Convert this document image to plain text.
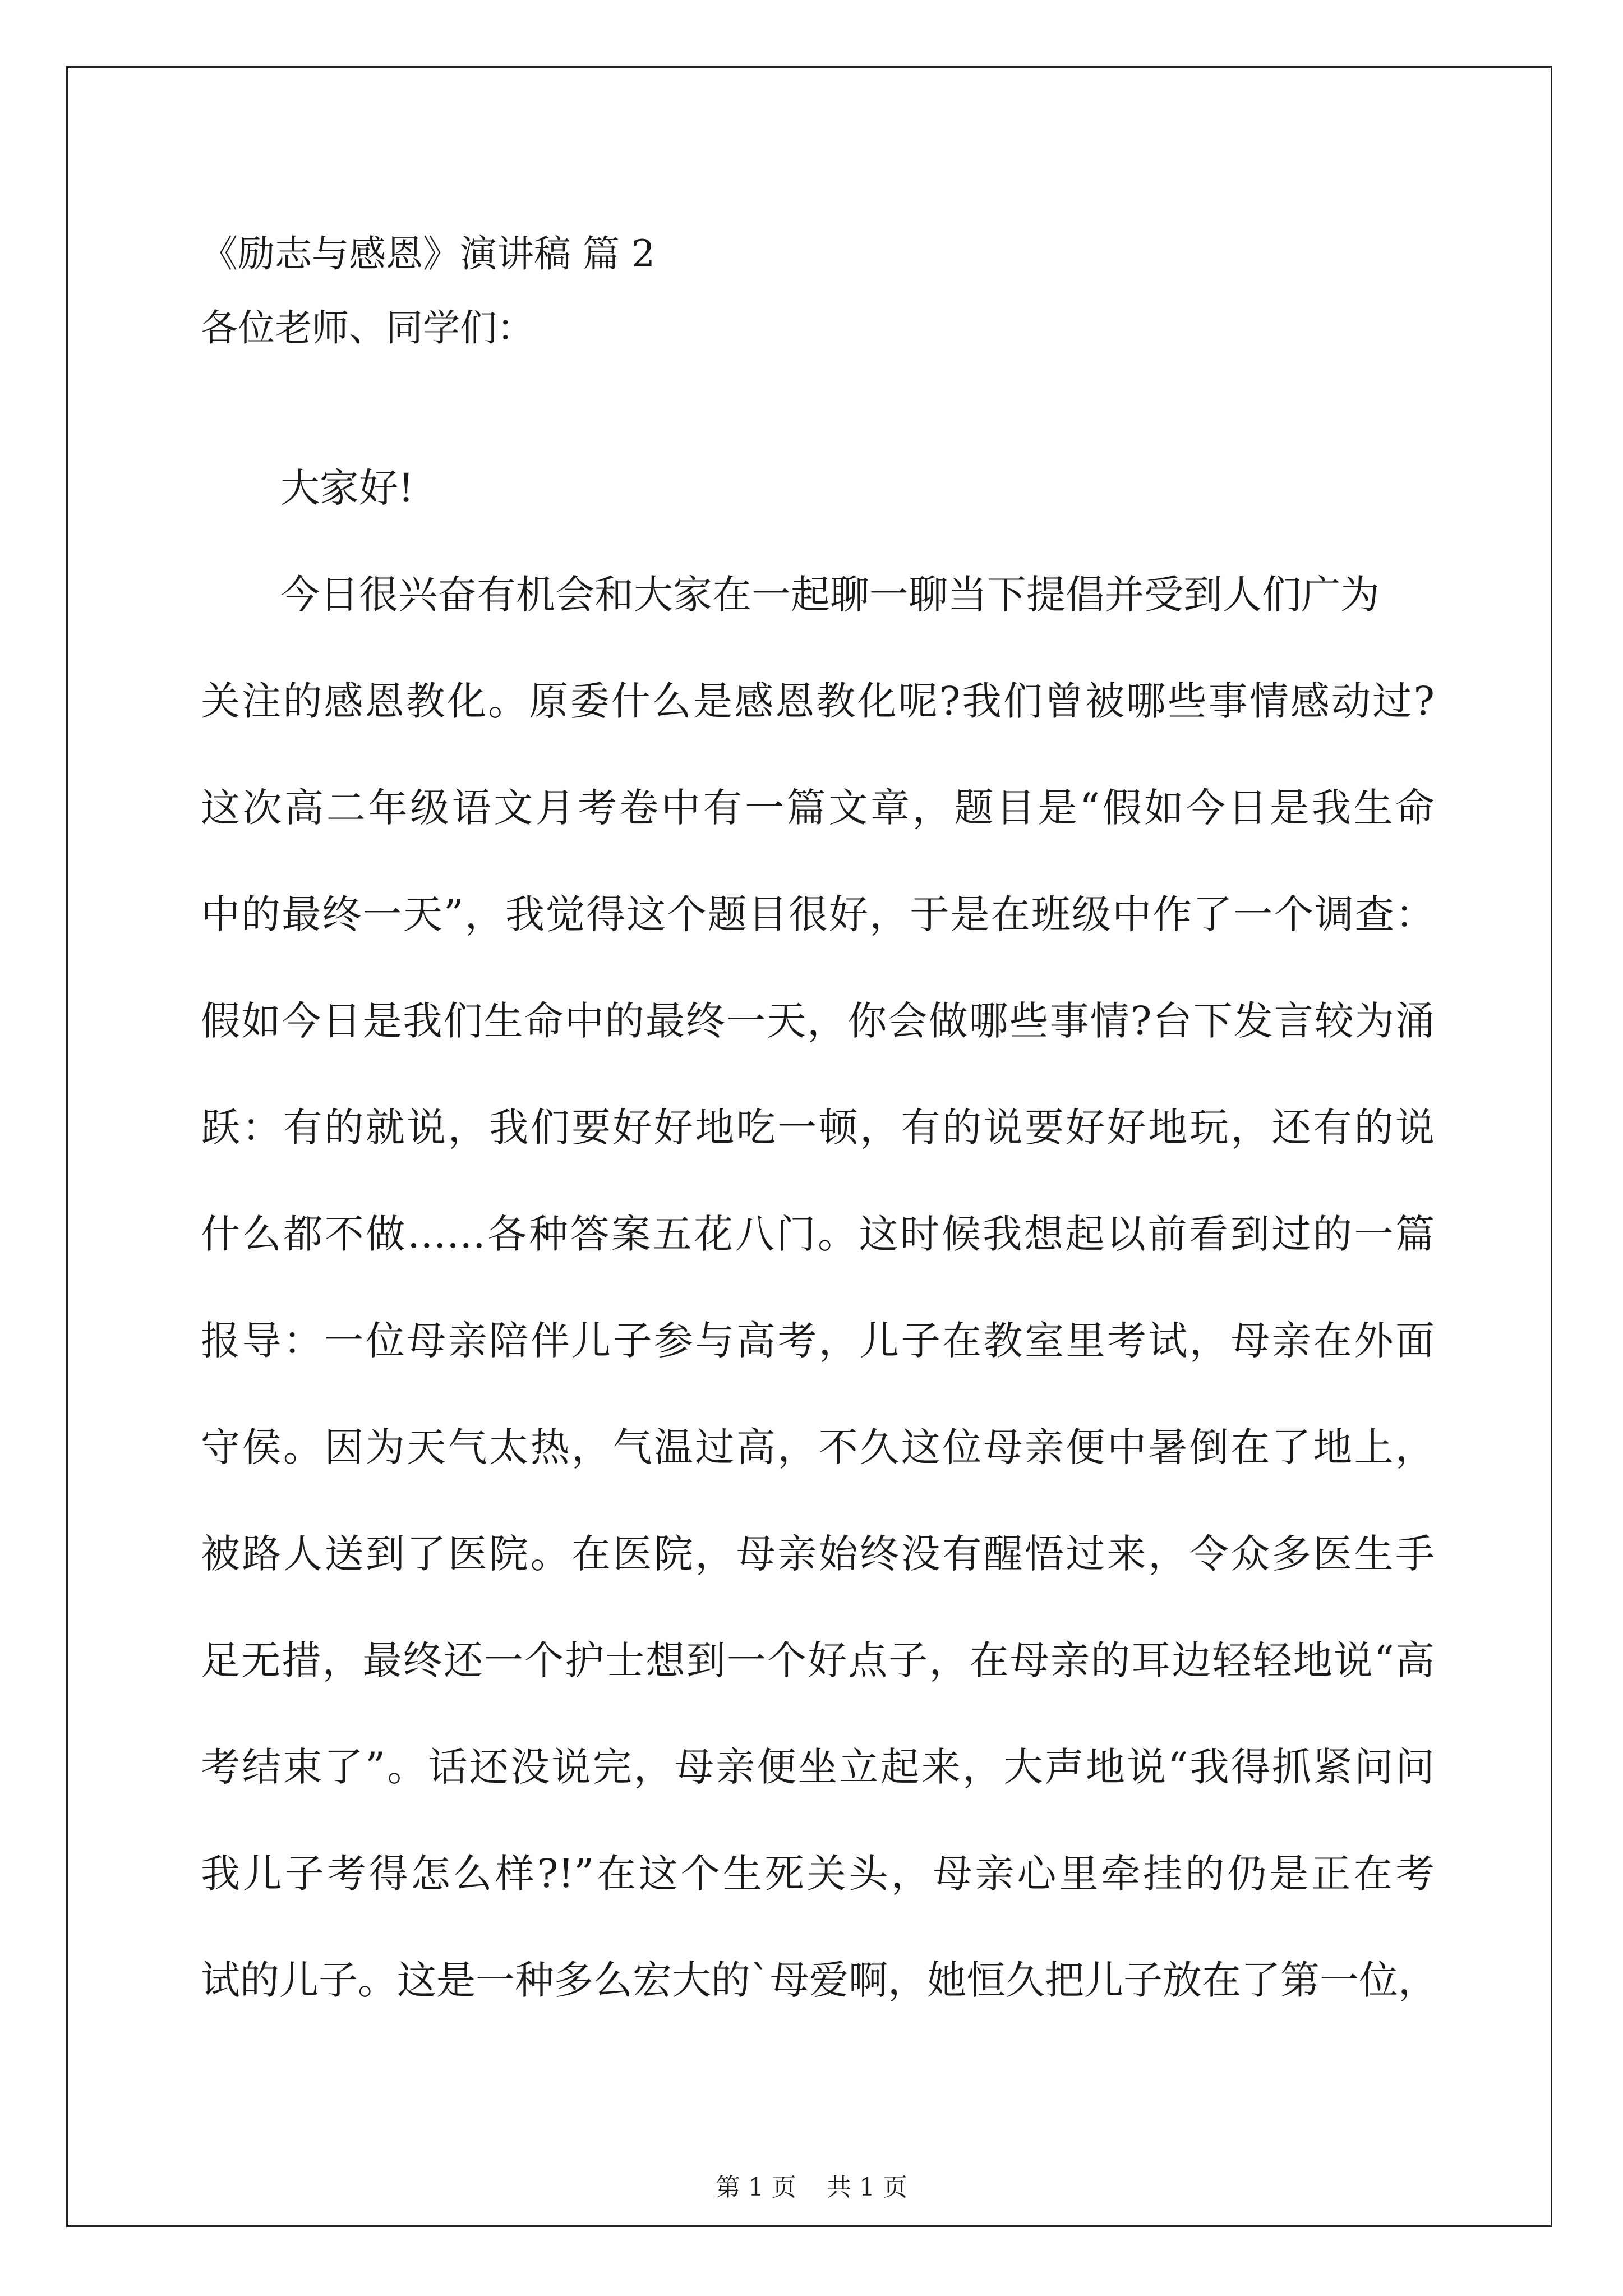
《励志与感恩》演讲稿 篇 2
各位老师、同学们：
大家好!
今日很兴奋有机会和大家在一起聊一聊当下提倡并受到人们广为
关注的感恩教化。原委什么是感恩教化呢?我们曾被哪些事情感动过?
这次高二年级语文月考卷中有一篇文章，题目是“假如今日是我生命
中的最终一天”，我觉得这个题目很好，于是在班级中作了一个调查：
假如今日是我们生命中的最终一天，你会做哪些事情?台下发言较为涌
跃：有的就说，我们要好好地吃一顿，有的说要好好地玩，还有的说
什么都不做……各种答案五花八门。这时候我想起以前看到过的一篇
报导：一位母亲陪伴儿子参与高考，儿子在教室里考试，母亲在外面
守侯。因为天气太热，气温过高，不久这位母亲便中暑倒在了地上，
被路人送到了医院。在医院，母亲始终没有醒悟过来，令众多医生手
足无措，最终还一个护士想到一个好点子，在母亲的耳边轻轻地说“高
考结束了”。话还没说完，母亲便坐立起来，大声地说“我得抓紧问问
我儿子考得怎么样?!”在这个生死关头，母亲心里牵挂的仍是正在考
试的儿子。这是一种多么宏大的`母爱啊，她恒久把儿子放在了第一位，
第 1 页 共 1 页
